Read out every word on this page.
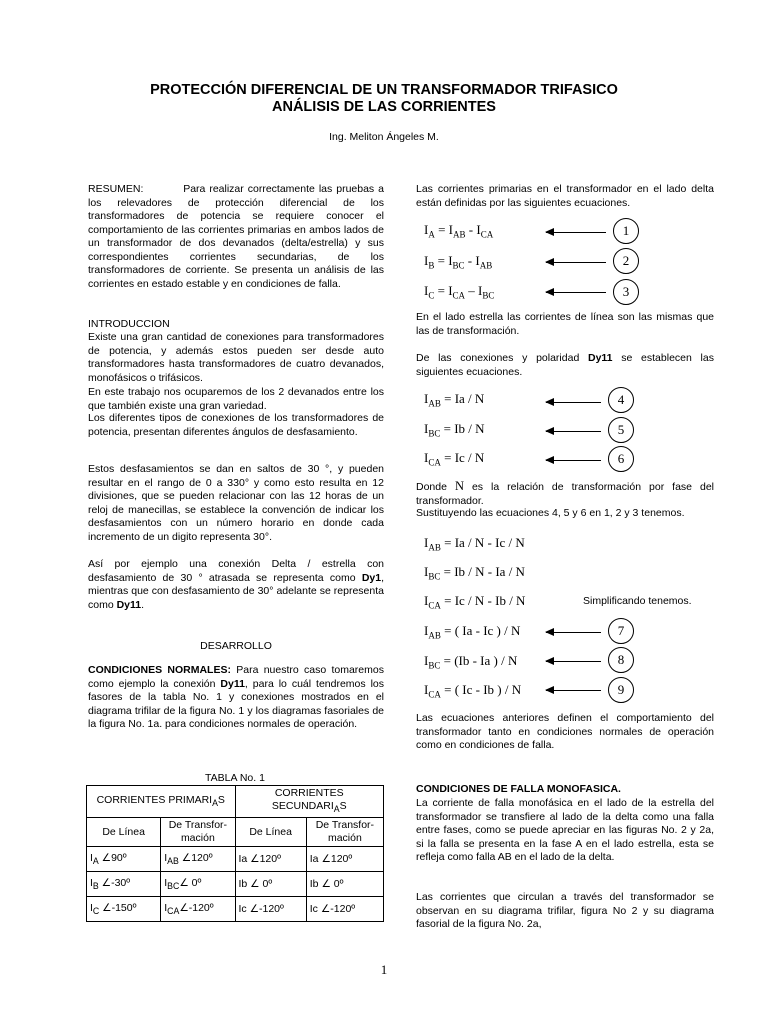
PROTECCIÓN DIFERENCIAL DE UN TRANSFORMADOR TRIFASICO
ANÁLISIS DE LAS CORRIENTES
Ing. Meliton Ángeles M.
RESUMEN:	Para realizar correctamente las pruebas a los relevadores de protección diferencial de los transformadores de potencia se requiere conocer el comportamiento de las corrientes primarias en ambos lados de un transformador de dos devanados (delta/estrella) y sus correspondientes corrientes secundarias, de los transformadores de corriente. Se presenta un análisis de las corrientes en estado estable y en condiciones de falla.
INTRODUCCION
Existe una gran cantidad de conexiones para transformadores de potencia, y además estos pueden ser desde auto transformadores hasta transformadores de cuatro devanados, monofásicos o trifásicos.
En este trabajo nos ocuparemos de los 2 devanados entre los que también existe una gran variedad.
Los diferentes tipos de conexiones de los transformadores de potencia, presentan diferentes ángulos de desfasamiento.
Estos desfasamientos se dan en saltos de 30 °, y pueden resultar en el rango de 0 a 330° y como esto resulta en 12 divisiones, que se pueden relacionar con las 12 horas de un reloj de manecillas, se establece la convención de indicar los desfasamientos con un número horario en donde cada incremento de un digito representa 30°.
Así por ejemplo una conexión Delta / estrella con desfasamiento de 30 ° atrasada se representa como Dy1, mientras que con desfasamiento de 30° adelante se representa como Dy11.
DESARROLLO
CONDICIONES NORMALES: Para nuestro caso tomaremos como ejemplo la conexión Dy11, para lo cuál tendremos los fasores de la tabla No. 1 y conexiones mostrados en el diagrama trifilar de la figura No. 1 y los diagramas fasoriales de la figura No. 1a. para condiciones normales de operación.
TABLA No. 1
CORRIENTES $PRIMARI_AS$		CORRIENTES $SECUNDARI_AS$	
De Línea	De Transfor-mación	De Línea	De Transfor-mación
$I_A$ ∠90º	$I_{AB}$ ∠120º	Ia ∠120º	Ia ∠120º
$I_B$ ∠-30º	$I_{BC}\angle$ 0º	Ib ∠ 0º	Ib ∠ 0º
$I_C$ ∠-150º	$I_{CA}\angle-120º$	Ic ∠-120º	Ic ∠-120º
Las corrientes primarias en el transformador en el lado delta están definidas por las siguientes ecuaciones.
$I_A = I_{AB} - I_{CA}$	1
$I_B = I_{BC} - I_{AB}$	2
$I_C = I_{CA} - I_{BC}$	3
En el lado estrella las corrientes de línea son las mismas que las de transformación.
De las conexiones y polaridad Dy11 se establecen las siguientes ecuaciones.
$I_{AB} = Ia / N$	4
$I_{BC} = Ib / N$	5
$I_{CA} = Ic / N$	6
Donde N es la relación de transformación por fase del transformador.
Sustituyendo las ecuaciones 4, 5 y 6 en 1, 2 y 3 tenemos.
$I_{AB} = Ia / N - Ic / N$
$I_{BC} = Ib / N - Ia / N$
$I_{CA} = Ic / N - Ib / N$	Simplificando tenemos.
$I_{AB}$ = ( Ia - Ic ) / N	7
$I_{BC} = (Ib - Ia$ ) / N	8
$I_{CA}$ = ( Ic - Ib ) / N	9
Las ecuaciones anteriores definen el comportamiento del transformador tanto en condiciones normales de operación como en condiciones de falla.
CONDICIONES DE FALLA MONOFASICA.
La corriente de falla monofásica en el lado de la estrella del transformador se transfiere al lado de la delta como una falla entre fases, como se puede apreciar en las figuras No. 2 y 2a, si la falla se presenta en la fase A en el lado estrella, esta se refleja como falla AB en el lado de la delta.
Las corrientes que circulan a través del transformador se observan en su diagrama trifilar, figura No 2 y su diagrama fasorial de la figura No. 2a,
1
